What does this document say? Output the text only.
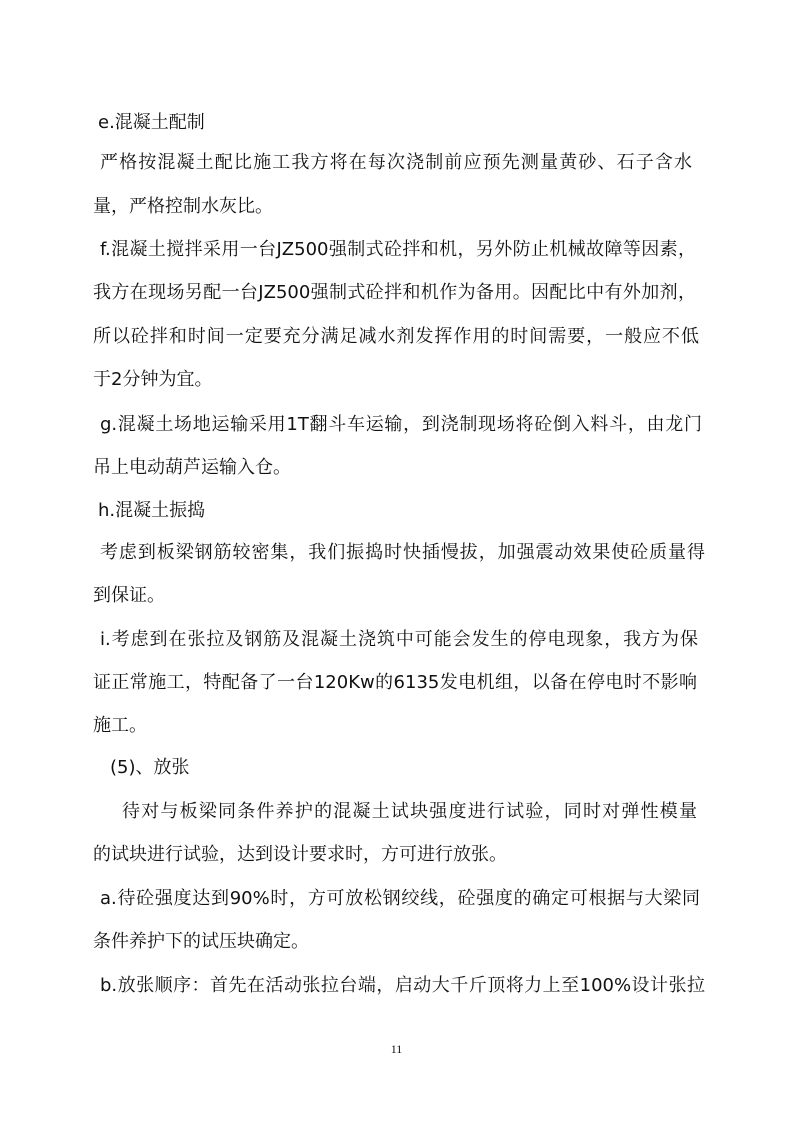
e.混凝土配制
严格按混凝土配比施工我方将在每次浇制前应预先测量黄砂、石子含水
量，严格控制水灰比。
f.混凝土搅拌采用一台JZ500强制式砼拌和机，另外防止机械故障等因素，
我方在现场另配一台JZ500强制式砼拌和机作为备用。因配比中有外加剂，
所以砼拌和时间一定要充分满足减水剂发挥作用的时间需要，一般应不低
于2分钟为宜。
g.混凝土场地运输采用1T翻斗车运输，到浇制现场将砼倒入料斗，由龙门
吊上电动葫芦运输入仓。
h.混凝土振捣
考虑到板梁钢筋较密集，我们振捣时快插慢拔，加强震动效果使砼质量得
到保证。
i.考虑到在张拉及钢筋及混凝土浇筑中可能会发生的停电现象，我方为保
证正常施工，特配备了一台120Kw的6135发电机组，以备在停电时不影响
施工。
(5)、放张
待对与板梁同条件养护的混凝土试块强度进行试验，同时对弹性模量
的试块进行试验，达到设计要求时，方可进行放张。
a.待砼强度达到90%时，方可放松钢绞线，砼强度的确定可根据与大梁同
条件养护下的试压块确定。
b.放张顺序：首先在活动张拉台端，启动大千斤顶将力上至100%设计张拉
11
